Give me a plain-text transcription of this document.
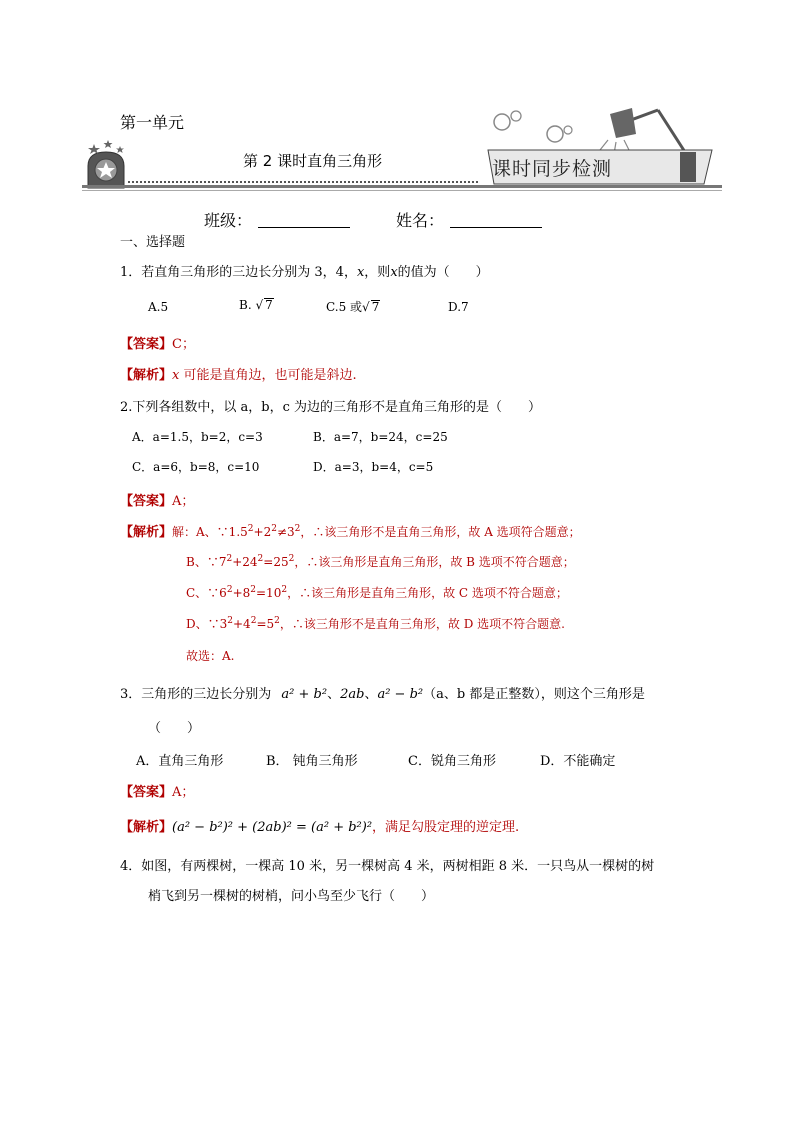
第一单元
第 2 课时直角三角形	课时同步检测
班级：	姓名：
一、选择题
1．若直角三角形的三边长分别为 3，4，x，则x的值为（　　）
A.5	B. √ 7	C.5 或√ 7	D.7
【答案】C；
【解析】x 可能是直角边，也可能是斜边.
2.下列各组数中，以 a，b，c 为边的三角形不是直角三角形的是（　　）
A．a=1.5，b=2，c=3	B．a=7，b=24，c=25
C．a=6，b=8，c=10	D．a=3，b=4，c=5
【答案】A；
【解析】解：A、$\because 1.5^2+2^2\ne 3^2$，∴该三角形不是直角三角形，故 A 选项符合题意；
B、$\because 7^2+24^2=25^2$，∴该三角形是直角三角形，故 B 选项不符合题意；
C、$\because 6^2+8^2=10^2$，∴该三角形是直角三角形，故 C 选项不符合题意；
D、$\because 3^2+4^2=5^2$，∴该三角形不是直角三角形，故 D 选项不符合题意.
故选：A.
3．三角形的三边长分别为 a² + b²、2ab、a² − b²（a、b 都是正整数），则这个三角形是
（　　）
A．直角三角形	B． 钝角三角形	C．锐角三角形	D．不能确定
【答案】A；
【解析】(a² − b²)² + (2ab)² = (a² + b²)²，满足勾股定理的逆定理.
4．如图，有两棵树，一棵高 10 米，另一棵树高 4 米，两树相距 8 米．一只鸟从一棵树的树
梢飞到另一棵树的树梢，问小鸟至少飞行（　　）
